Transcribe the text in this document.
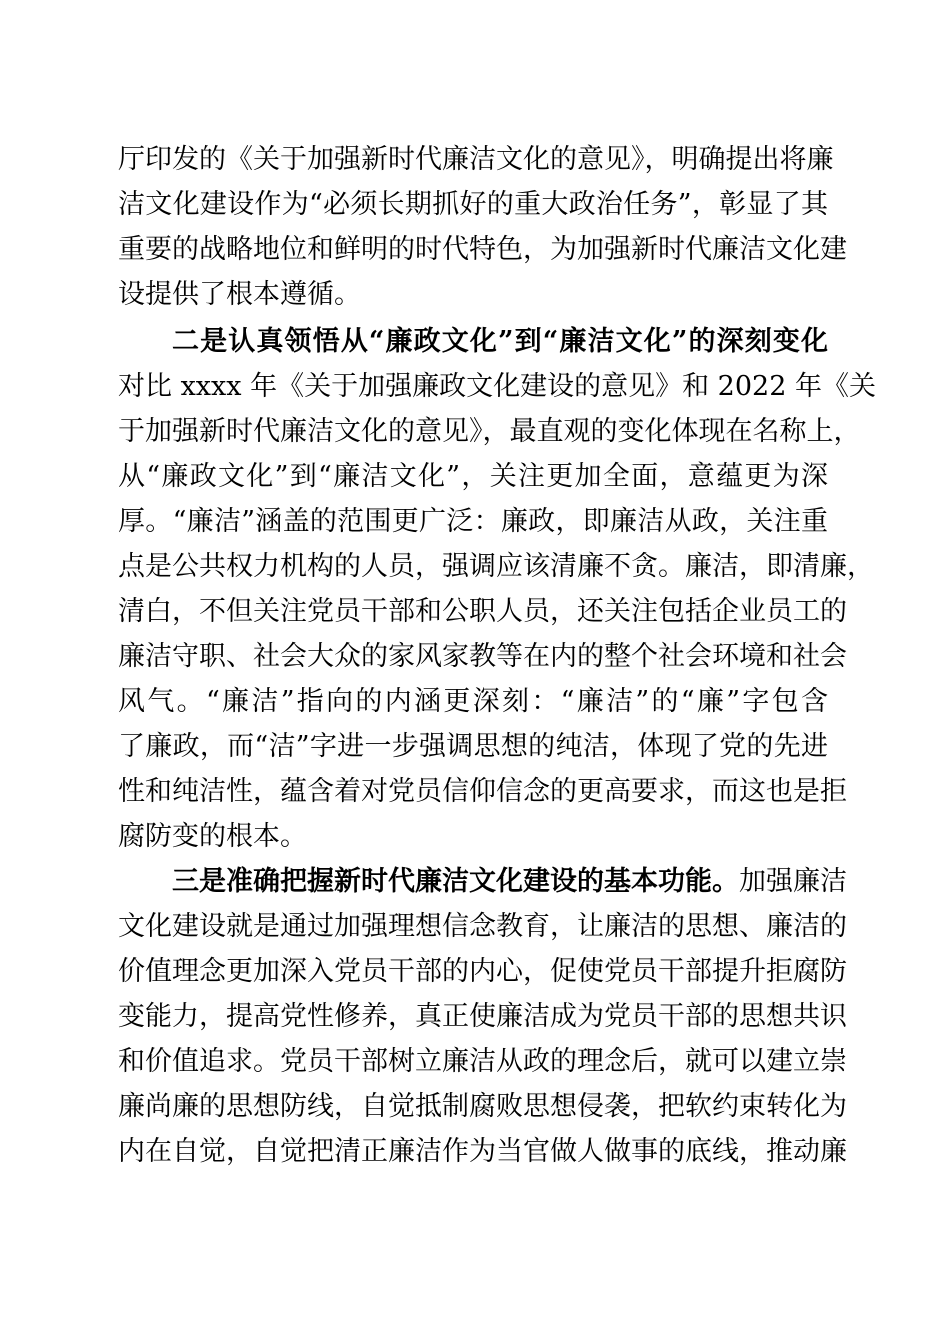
厅印发的《关于加强新时代廉洁文化的意见》，明确提出将廉
洁文化建设作为“必须长期抓好的重大政治任务”，彰显了其
重要的战略地位和鲜明的时代特色，为加强新时代廉洁文化建
设提供了根本遵循。
二是认真领悟从“廉政文化”到“廉洁文化”的深刻变化
对比 xxxx 年《关于加强廉政文化建设的意见》和 2022 年《关
于加强新时代廉洁文化的意见》，最直观的变化体现在名称上，
从“廉政文化”到“廉洁文化”，关注更加全面，意蕴更为深
厚。“廉洁”涵盖的范围更广泛：廉政，即廉洁从政，关注重
点是公共权力机构的人员，强调应该清廉不贪。廉洁，即清廉，
清白，不但关注党员干部和公职人员，还关注包括企业员工的
廉洁守职、社会大众的家风家教等在内的整个社会环境和社会
风气。“廉洁”指向的内涵更深刻：“廉洁”的“廉”字包含
了廉政，而“洁”字进一步强调思想的纯洁，体现了党的先进
性和纯洁性，蕴含着对党员信仰信念的更高要求，而这也是拒
腐防变的根本。
三是准确把握新时代廉洁文化建设的基本功能。加强廉洁
文化建设就是通过加强理想信念教育，让廉洁的思想、廉洁的
价值理念更加深入党员干部的内心，促使党员干部提升拒腐防
变能力，提高党性修养，真正使廉洁成为党员干部的思想共识
和价值追求。党员干部树立廉洁从政的理念后，就可以建立崇
廉尚廉的思想防线，自觉抵制腐败思想侵袭，把软约束转化为
内在自觉，自觉把清正廉洁作为当官做人做事的底线，推动廉
